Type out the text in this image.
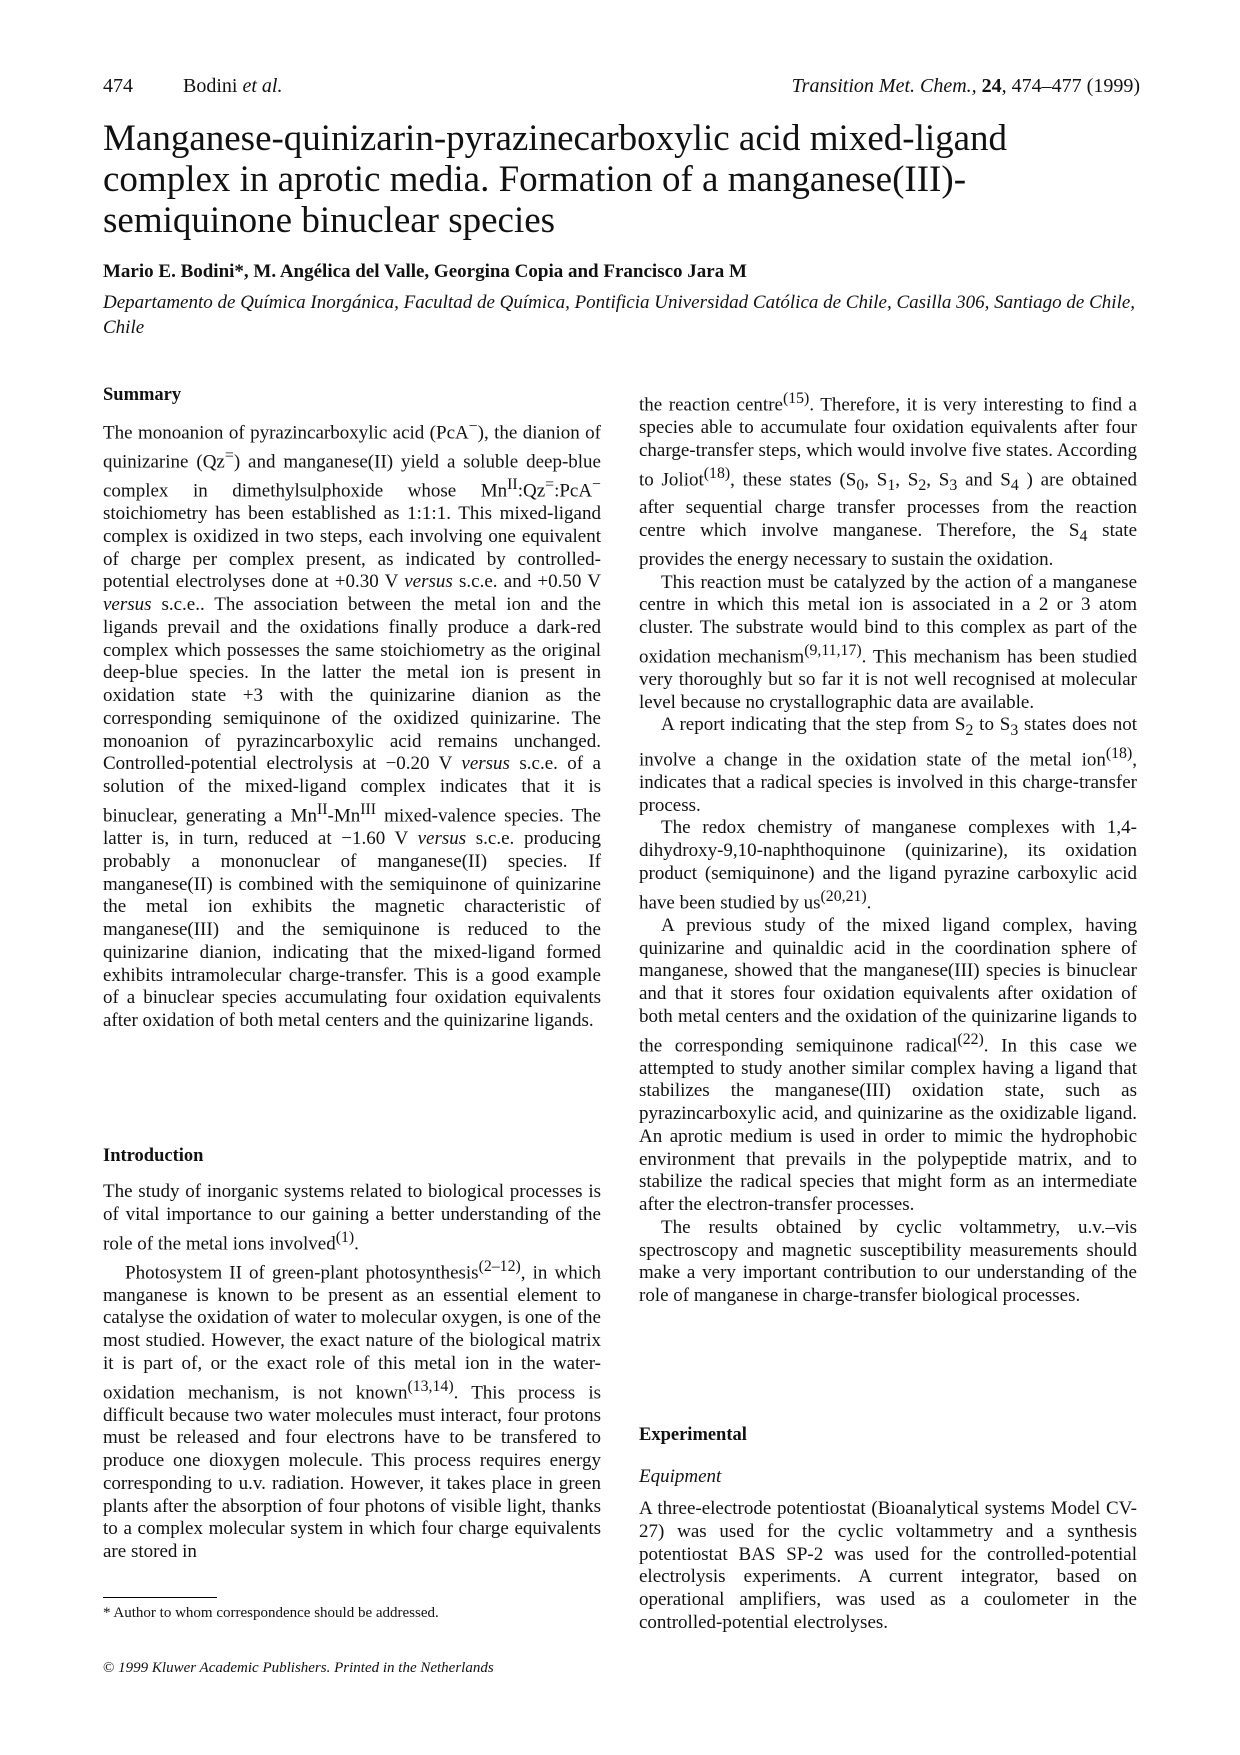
474	Bodini et al.	Transition Met. Chem., 24, 474–477 (1999)
Manganese-quinizarin-pyrazinecarboxylic acid mixed-ligand complex in aprotic media. Formation of a manganese(III)-semiquinone binuclear species
Mario E. Bodini*, M. Angélica del Valle, Georgina Copia and Francisco Jara M
Departamento de Química Inorgánica, Facultad de Química, Pontificia Universidad Católica de Chile, Casilla 306, Santiago de Chile, Chile
Summary

The monoanion of pyrazincarboxylic acid (PcA−), the dianion of quinizarine (Qz=) and manganese(II) yield a soluble deep-blue complex in dimethylsulphoxide whose $Mn^{II}:Qz^=:PcA^-$ stoichiometry has been established as 1:1:1. This mixed-ligand complex is oxidized in two steps, each involving one equivalent of charge per complex present, as indicated by controlled-potential electrolyses done at +0.30 V versus s.c.e. and +0.50 V versus s.c.e.. The association between the metal ion and the ligands prevail and the oxidations finally produce a dark-red complex which possesses the same stoichiometry as the original deep-blue species. In the latter the metal ion is present in oxidation state +3 with the quinizarine dianion as the corresponding semiquinone of the oxidized quinizarine. The monoanion of pyrazincarboxylic acid remains unchanged. Controlled-potential electrolysis at −0.20 V versus s.c.e. of a solution of the mixed-ligand complex indicates that it is binuclear, generating a $Mn^{II}-Mn^{III}$ mixed-valence species. The latter is, in turn, reduced at −1.60 V versus s.c.e. producing probably a mononuclear of manganese(II) species. If manganese(II) is combined with the semiquinone of quinizarine the metal ion exhibits the magnetic characteristic of manganese(III) and the semiquinone is reduced to the quinizarine dianion, indicating that the mixed-ligand formed exhibits intramolecular charge-transfer. This is a good example of a binuclear species accumulating four oxidation equivalents after oxidation of both metal centers and the quinizarine ligands.

Introduction

The study of inorganic systems related to biological processes is of vital importance to our gaining a better understanding of the role of the metal ions involved$^{(1)}$.

Photosystem II of green-plant photosynthesis$^{(2-12)}$, in which manganese is known to be present as an essential element to catalyse the oxidation of water to molecular oxygen, is one of the most studied. However, the exact nature of the biological matrix it is part of, or the exact role of this metal ion in the water-oxidation mechanism, is not known$^{(13,14)}$. This process is difficult because two water molecules must interact, four protons must be released and four electrons have to be transfered to produce one dioxygen molecule. This process requires energy corresponding to u.v. radiation. However, it takes place in green plants after the absorption of four photons of visible light, thanks to a complex molecular system in which four charge equivalents are stored in

the reaction centre$^{(15)}$. Therefore, it is very interesting to find a species able to accumulate four oxidation equivalents after four charge-transfer steps, which would involve five states. According to Joliot$^{(18)}$, these states ($S_0$, $S_1$, $S_2$, $S_3$ and $S_4$ ) are obtained after sequential charge transfer processes from the reaction centre which involve manganese. Therefore, the $S_4$ state provides the energy necessary to sustain the oxidation.

This reaction must be catalyzed by the action of a manganese centre in which this metal ion is associated in a 2 or 3 atom cluster. The substrate would bind to this complex as part of the oxidation mechanism$^{(9,11,17)}$. This mechanism has been studied very thoroughly but so far it is not well recognised at molecular level because no crystallographic data are available.

A report indicating that the step from $S_2$ to $S_3$ states does not involve a change in the oxidation state of the metal ion$^{(18)}$, indicates that a radical species is involved in this charge-transfer process.

The redox chemistry of manganese complexes with 1,4-dihydroxy-9,10-naphthoquinone (quinizarine), its oxidation product (semiquinone) and the ligand pyrazine carboxylic acid have been studied by us$^{(20,21)}$.

A previous study of the mixed ligand complex, having quinizarine and quinaldic acid in the coordination sphere of manganese, showed that the manganese(III) species is binuclear and that it stores four oxidation equivalents after oxidation of both metal centers and the oxidation of the quinizarine ligands to the corresponding semiquinone radical$^{(22)}$. In this case we attempted to study another similar complex having a ligand that stabilizes the manganese(III) oxidation state, such as pyrazincarboxylic acid, and quinizarine as the oxidizable ligand. An aprotic medium is used in order to mimic the hydrophobic environment that prevails in the polypeptide matrix, and to stabilize the radical species that might form as an intermediate after the electron-transfer processes.

The results obtained by cyclic voltammetry, u.v.–vis spectroscopy and magnetic susceptibility measurements should make a very important contribution to our understanding of the role of manganese in charge-transfer biological processes.

Experimental
Equipment

A three-electrode potentiostat (Bioanalytical systems Model CV-27) was used for the cyclic voltammetry and a synthesis potentiostat BAS SP-2 was used for the controlled-potential electrolysis experiments. A current integrator, based on operational amplifiers, was used as a coulometer in the controlled-potential electrolyses.

* Author to whom correspondence should be addressed.
© 1999 Kluwer Academic Publishers. Printed in the Netherlands
